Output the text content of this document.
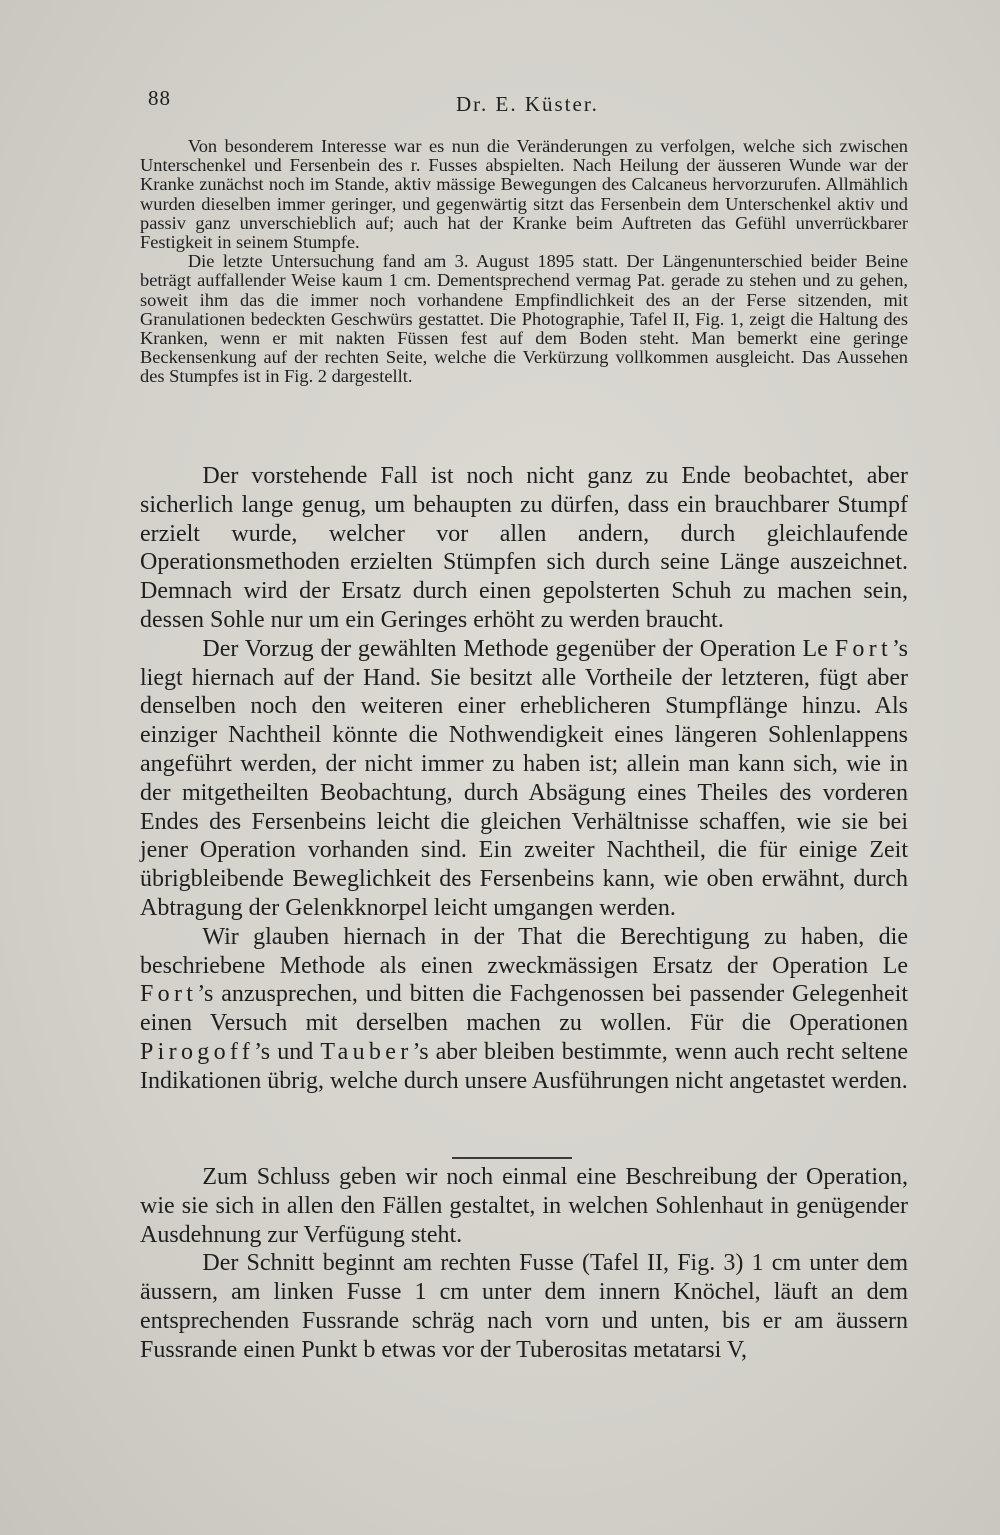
88	Dr. E. Küster.

Von besonderem Interesse war es nun die Veränderungen zu verfolgen, welche sich zwischen Unterschenkel und Fersenbein des r. Fusses abspielten. Nach Heilung der äusseren Wunde war der Kranke zunächst noch im Stande, aktiv mässige Bewegungen des Calcaneus hervorzurufen. Allmählich wurden dieselben immer geringer, und gegenwärtig sitzt das Fersenbein dem Unterschenkel aktiv und passiv ganz unverschieblich auf; auch hat der Kranke beim Auftreten das Gefühl unverrückbarer Festigkeit in seinem Stumpfe.

Die letzte Untersuchung fand am 3. August 1895 statt. Der Längenunterschied beider Beine beträgt auffallender Weise kaum 1 cm. Dementsprechend vermag Pat. gerade zu stehen und zu gehen, soweit ihm das die immer noch vorhandene Empfindlichkeit des an der Ferse sitzenden, mit Granulationen bedeckten Geschwürs gestattet. Die Photographie, Tafel II, Fig. 1, zeigt die Haltung des Kranken, wenn er mit nakten Füssen fest auf dem Boden steht. Man bemerkt eine geringe Beckensenkung auf der rechten Seite, welche die Verkürzung vollkommen ausgleicht. Das Aussehen des Stumpfes ist in Fig. 2 dargestellt.

Der vorstehende Fall ist noch nicht ganz zu Ende beobachtet, aber sicherlich lange genug, um behaupten zu dürfen, dass ein brauchbarer Stumpf erzielt wurde, welcher vor allen andern, durch gleichlaufende Operationsmethoden erzielten Stümpfen sich durch seine Länge auszeichnet. Demnach wird der Ersatz durch einen gepolsterten Schuh zu machen sein, dessen Sohle nur um ein Geringes erhöht zu werden braucht.

Der Vorzug der gewählten Methode gegenüber der Operation Le Fort’s liegt hiernach auf der Hand. Sie besitzt alle Vortheile der letzteren, fügt aber denselben noch den weiteren einer erheblicheren Stumpflänge hinzu. Als einziger Nachtheil könnte die Nothwendigkeit eines längeren Sohlenlappens angeführt werden, der nicht immer zu haben ist; allein man kann sich, wie in der mitgetheilten Beobachtung, durch Absägung eines Theiles des vorderen Endes des Fersenbeins leicht die gleichen Verhältnisse schaffen, wie sie bei jener Operation vorhanden sind. Ein zweiter Nachtheil, die für einige Zeit übrigbleibende Beweglichkeit des Fersenbeins kann, wie oben erwähnt, durch Abtragung der Gelenkknorpel leicht umgangen werden.

Wir glauben hiernach in der That die Berechtigung zu haben, die beschriebene Methode als einen zweckmässigen Ersatz der Operation Le Fort’s anzusprechen, und bitten die Fachgenossen bei passender Gelegenheit einen Versuch mit derselben machen zu wollen. Für die Operationen Pirogoff’s und Tauber’s aber bleiben bestimmte, wenn auch recht seltene Indikationen übrig, welche durch unsere Ausführungen nicht angetastet werden.

Zum Schluss geben wir noch einmal eine Beschreibung der Operation, wie sie sich in allen den Fällen gestaltet, in welchen Sohlenhaut in genügender Ausdehnung zur Verfügung steht.

Der Schnitt beginnt am rechten Fusse (Tafel II, Fig. 3) 1 cm unter dem äussern, am linken Fusse 1 cm unter dem innern Knöchel, läuft an dem entsprechenden Fussrande schräg nach vorn und unten, bis er am äussern Fussrande einen Punkt b etwas vor der Tuberositas metatarsi V,
